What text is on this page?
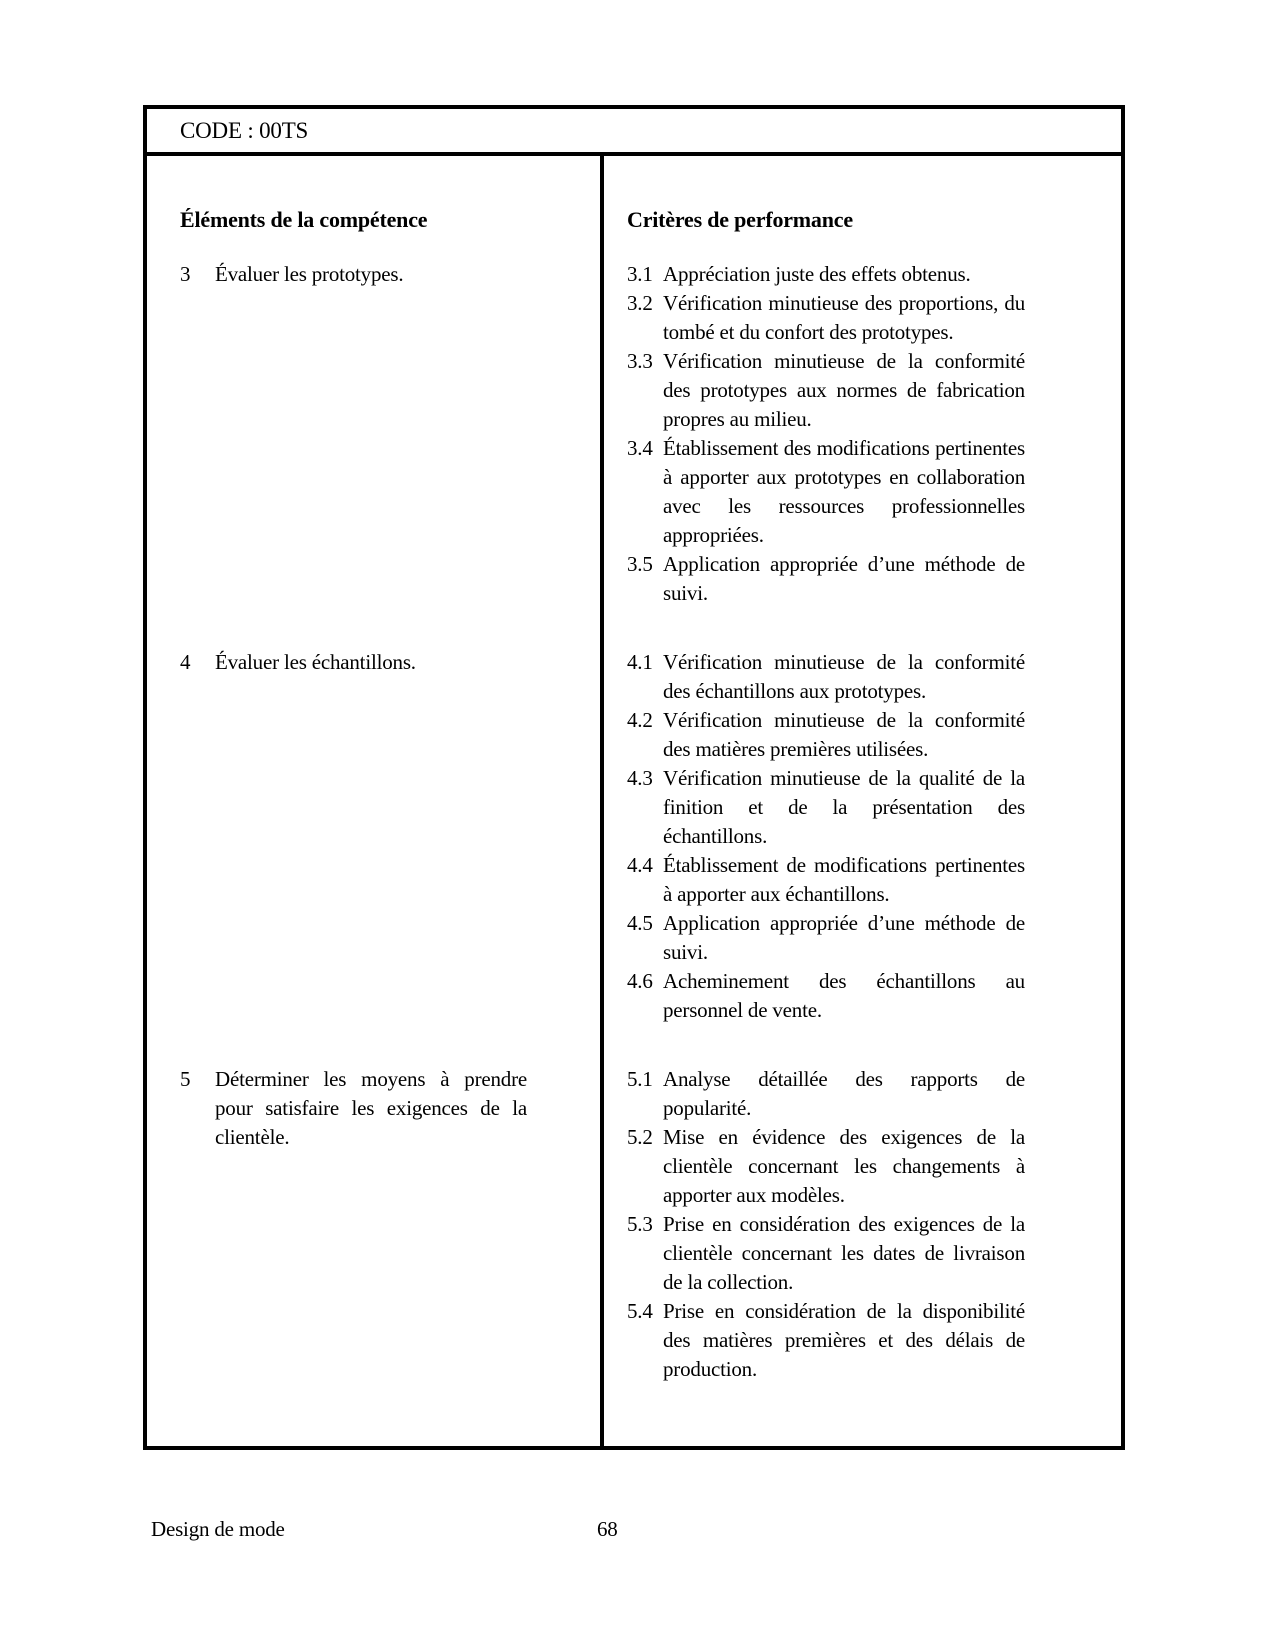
CODE : 00TS
Éléments de la compétence	Critères de performance
3	Évaluer les prototypes.	3.1 Appréciation juste des effets obtenus.
3.2 Vérification minutieuse des proportions, du tombé et du confort des prototypes.
3.3 Vérification minutieuse de la conformité des prototypes aux normes de fabrication propres au milieu.
3.4 Établissement des modifications pertinentes à apporter aux prototypes en collaboration avec les ressources professionnelles appropriées.
3.5 Application appropriée d’une méthode de suivi.
4	Évaluer les échantillons.	4.1 Vérification minutieuse de la conformité des échantillons aux prototypes.
4.2 Vérification minutieuse de la conformité des matières premières utilisées.
4.3 Vérification minutieuse de la qualité de la finition et de la présentation des échantillons.
4.4 Établissement de modifications pertinentes à apporter aux échantillons.
4.5 Application appropriée d’une méthode de suivi.
4.6 Acheminement des échantillons au personnel de vente.
5	Déterminer les moyens à prendre pour satisfaire les exigences de la clientèle.
5.1 Analyse détaillée des rapports de popularité.
5.2 Mise en évidence des exigences de la clientèle concernant les changements à apporter aux modèles.
5.3 Prise en considération des exigences de la clientèle concernant les dates de livraison de la collection.
5.4 Prise en considération de la disponibilité des matières premières et des délais de production.
Design de mode	68
